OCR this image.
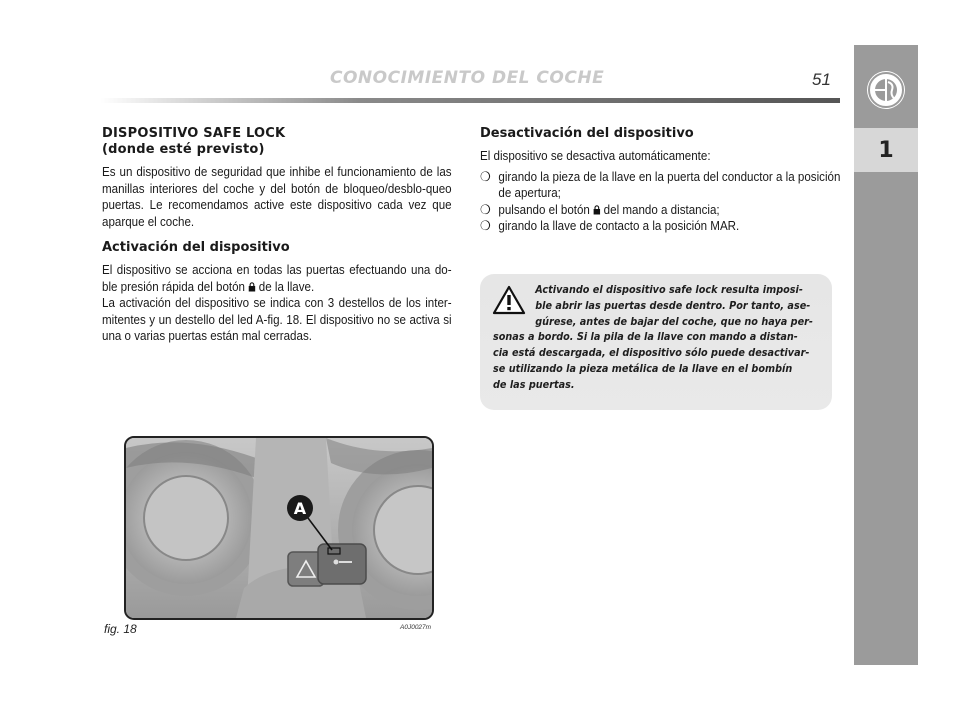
CONOCIMIENTO DEL COCHE	51
1
DISPOSITIVO SAFE LOCK
(donde esté previsto)

Es un dispositivo de seguridad que inhibe el funcionamiento de las manillas interiores del coche y del botón de bloqueo/desblo-queo puertas. Le recomendamos active este dispositivo cada vez que aparque el coche.

Activación del dispositivo

El dispositivo se acciona en todas las puertas efectuando una do-ble presión rápida del botón de la llave.

La activación del dispositivo se indica con 3 destellos de los inter-mitentes y un destello del led A-fig. 18. El dispositivo no se activa si una o varias puertas están mal cerradas.

Desactivación del dispositivo

El dispositivo se desactiva automáticamente:

❍ girando la pieza de la llave en la puerta del conductor a la posición de apertura;
❍ pulsando el botón del mando a distancia;
❍ girando la llave de contacto a la posición MAR.
Activando el dispositivo safe lock resulta imposi-
ble abrir las puertas desde dentro. Por tanto, ase-
gúrese, antes de bajar del coche, que no haya per-
sonas a bordo. Si la pila de la llave con mando a distan-
cia está descargada, el dispositivo sólo puede desactivar-
se utilizando la pieza metálica de la llave en el bombín
de las puertas.
A
fig. 18	A0J0027m
